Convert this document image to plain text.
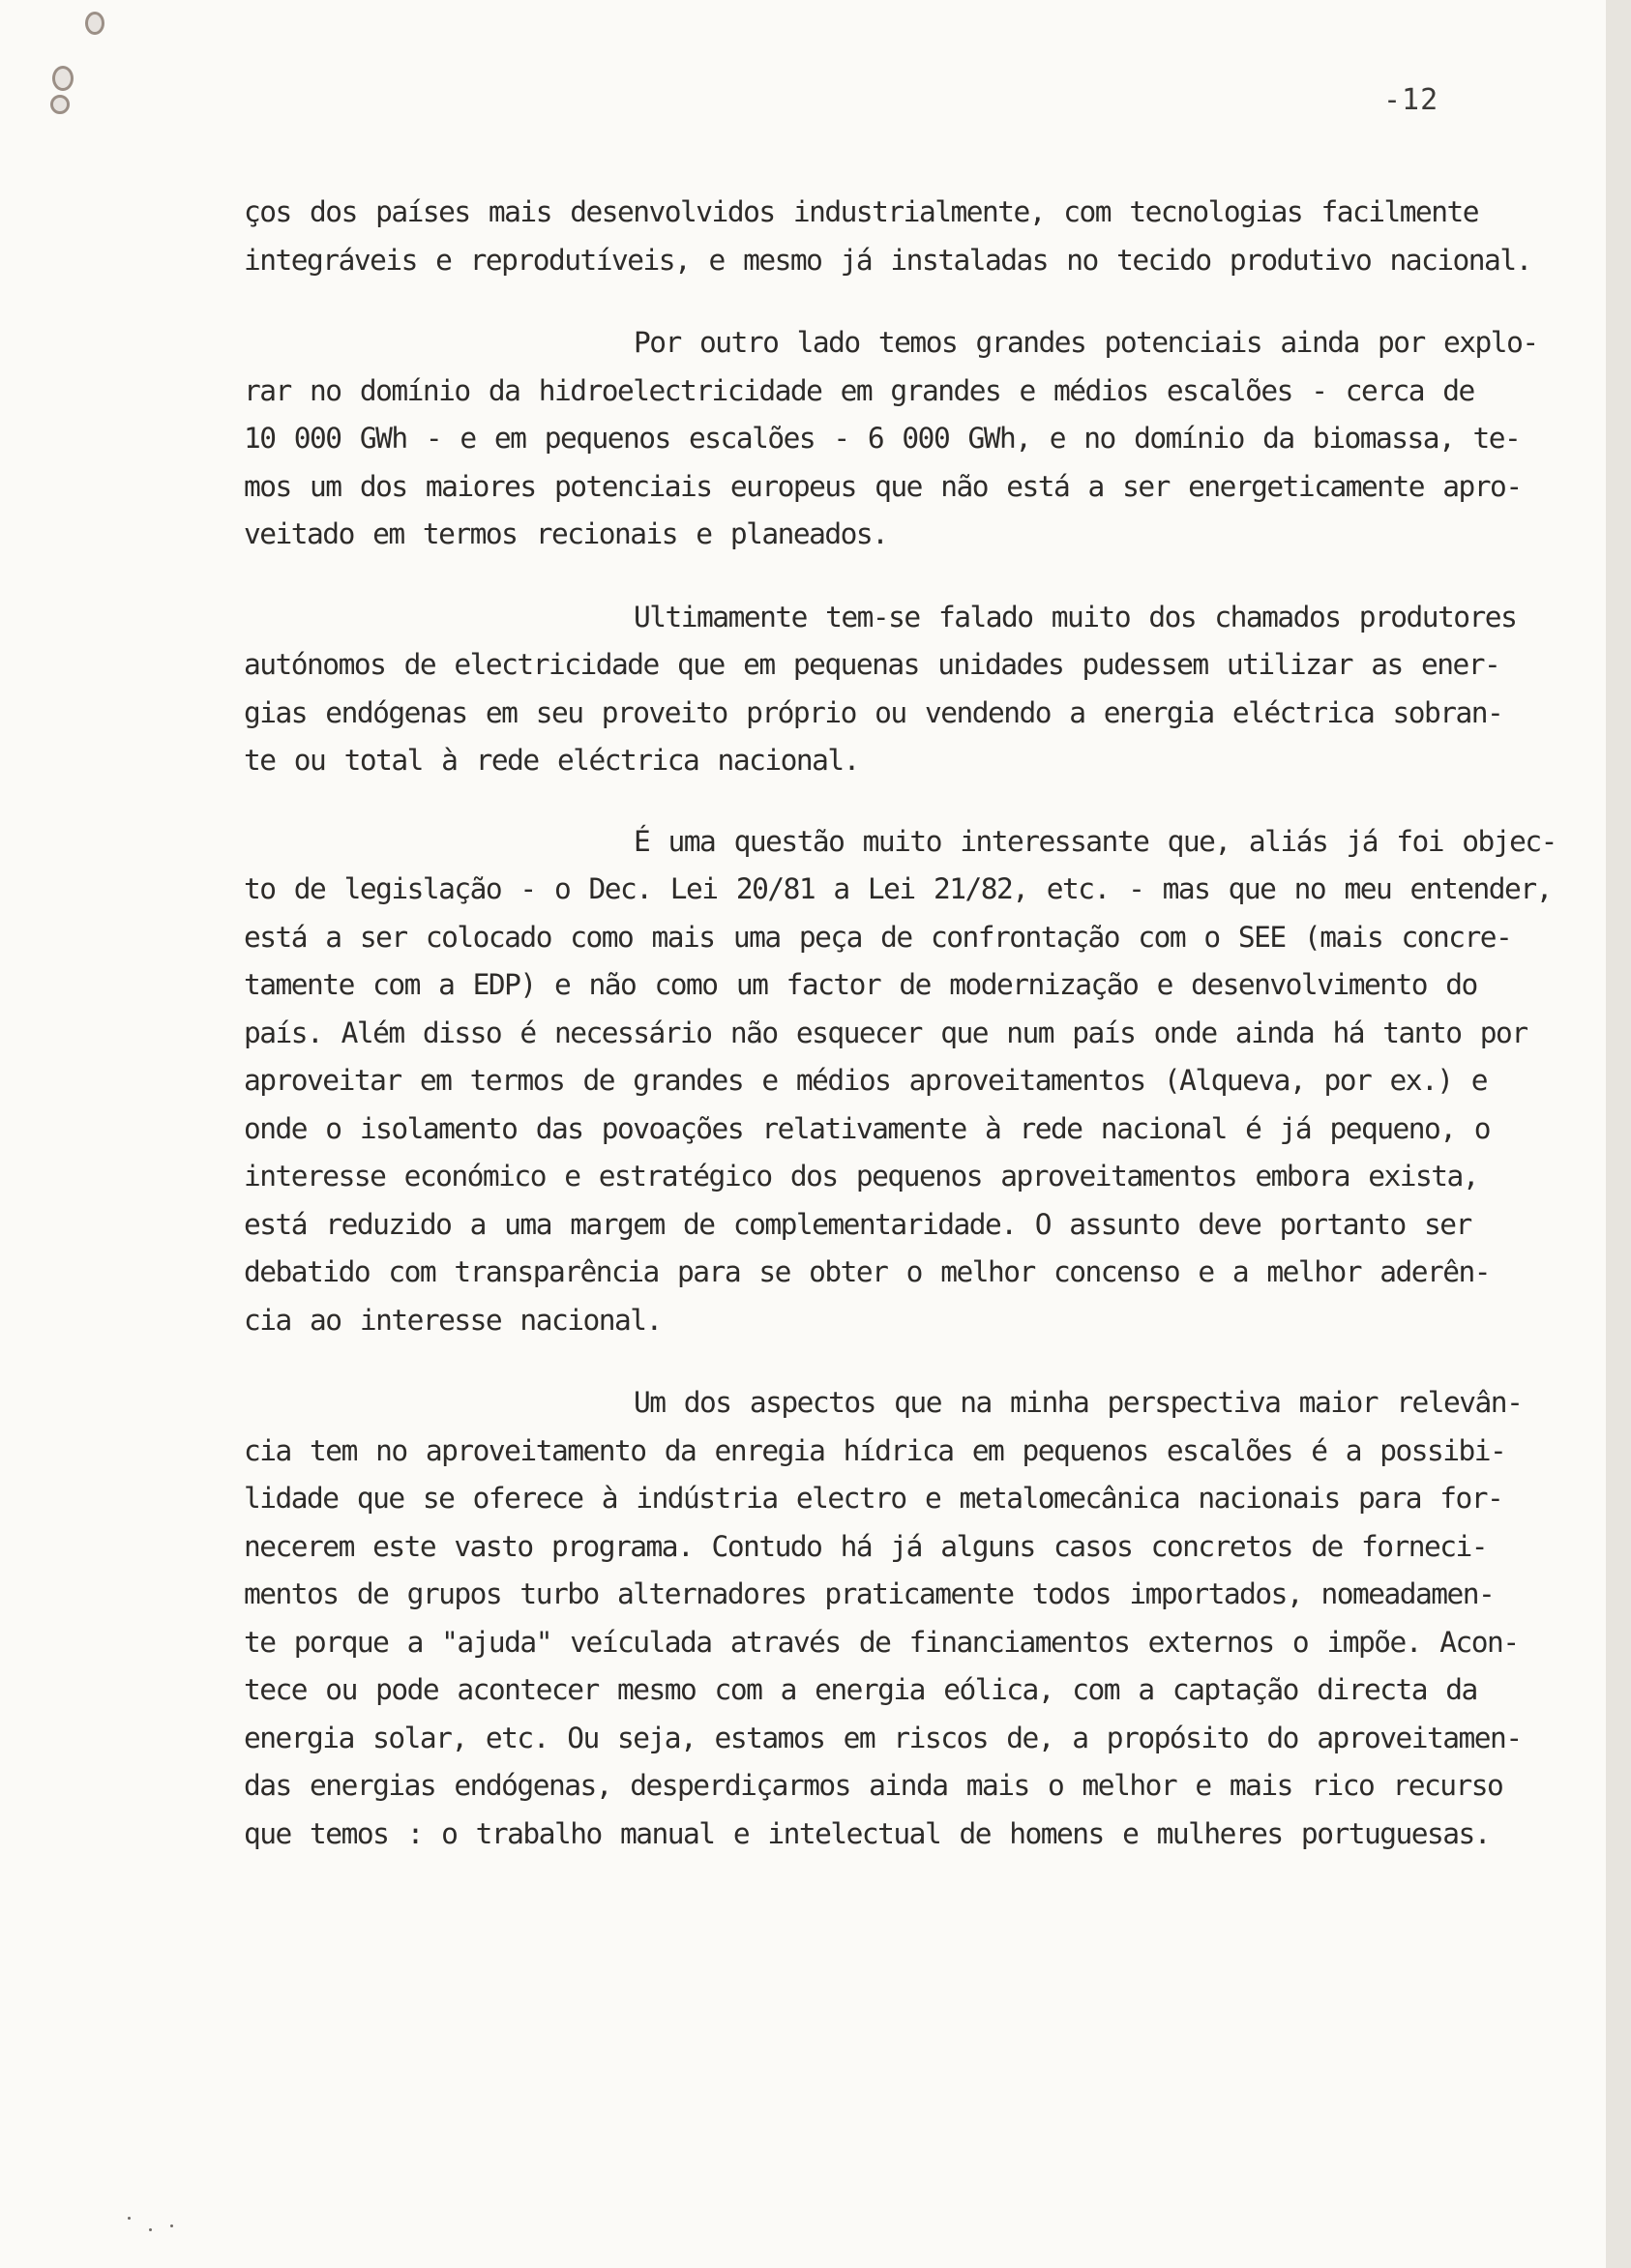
-12
ços dos países mais desenvolvidos industrialmente, com tecnologias facilmente
integráveis e reprodutíveis, e mesmo já instaladas no tecido produtivo nacional.
Por outro lado temos grandes potenciais ainda por explo-
rar no domínio da hidroelectricidade em grandes e médios escalões - cerca de
10 000 GWh - e em pequenos escalões - 6 000 GWh, e no domínio da biomassa, te-
mos um dos maiores potenciais europeus que não está a ser energeticamente apro-
veitado em termos recionais e planeados.
Ultimamente tem-se falado muito dos chamados produtores
autónomos de electricidade que em pequenas unidades pudessem utilizar as ener-
gias endógenas em seu proveito próprio ou vendendo a energia eléctrica sobran-
te ou total à rede eléctrica nacional.
É uma questão muito interessante que, aliás já foi objec-
to de legislação - o Dec. Lei 20/81 a Lei 21/82, etc. - mas que no meu entender,
está a ser colocado como mais uma peça de confrontação com o SEE (mais concre-
tamente com a EDP) e não como um factor de modernização e desenvolvimento do
país. Além disso é necessário não esquecer que num país onde ainda há tanto por
aproveitar em termos de grandes e médios aproveitamentos (Alqueva, por ex.) e
onde o isolamento das povoações relativamente à rede nacional é já pequeno, o
interesse económico e estratégico dos pequenos aproveitamentos embora exista,
está reduzido a uma margem de complementaridade. O assunto deve portanto ser
debatido com transparência para se obter o melhor concenso e a melhor aderên-
cia ao interesse nacional.
Um dos aspectos que na minha perspectiva maior relevân-
cia tem no aproveitamento da enregia hídrica em pequenos escalões é a possibi-
lidade que se oferece à indústria electro e metalomecânica nacionais para for-
necerem este vasto programa. Contudo há já alguns casos concretos de forneci-
mentos de grupos turbo alternadores praticamente todos importados, nomeadamen-
te porque a "ajuda" veículada através de financiamentos externos o impõe. Acon-
tece ou pode acontecer mesmo com a energia eólica, com a captação directa da
energia solar, etc. Ou seja, estamos em riscos de, a propósito do aproveitamen-
das energias endógenas, desperdiçarmos ainda mais o melhor e mais rico recurso
que temos : o trabalho manual e intelectual de homens e mulheres portuguesas.
